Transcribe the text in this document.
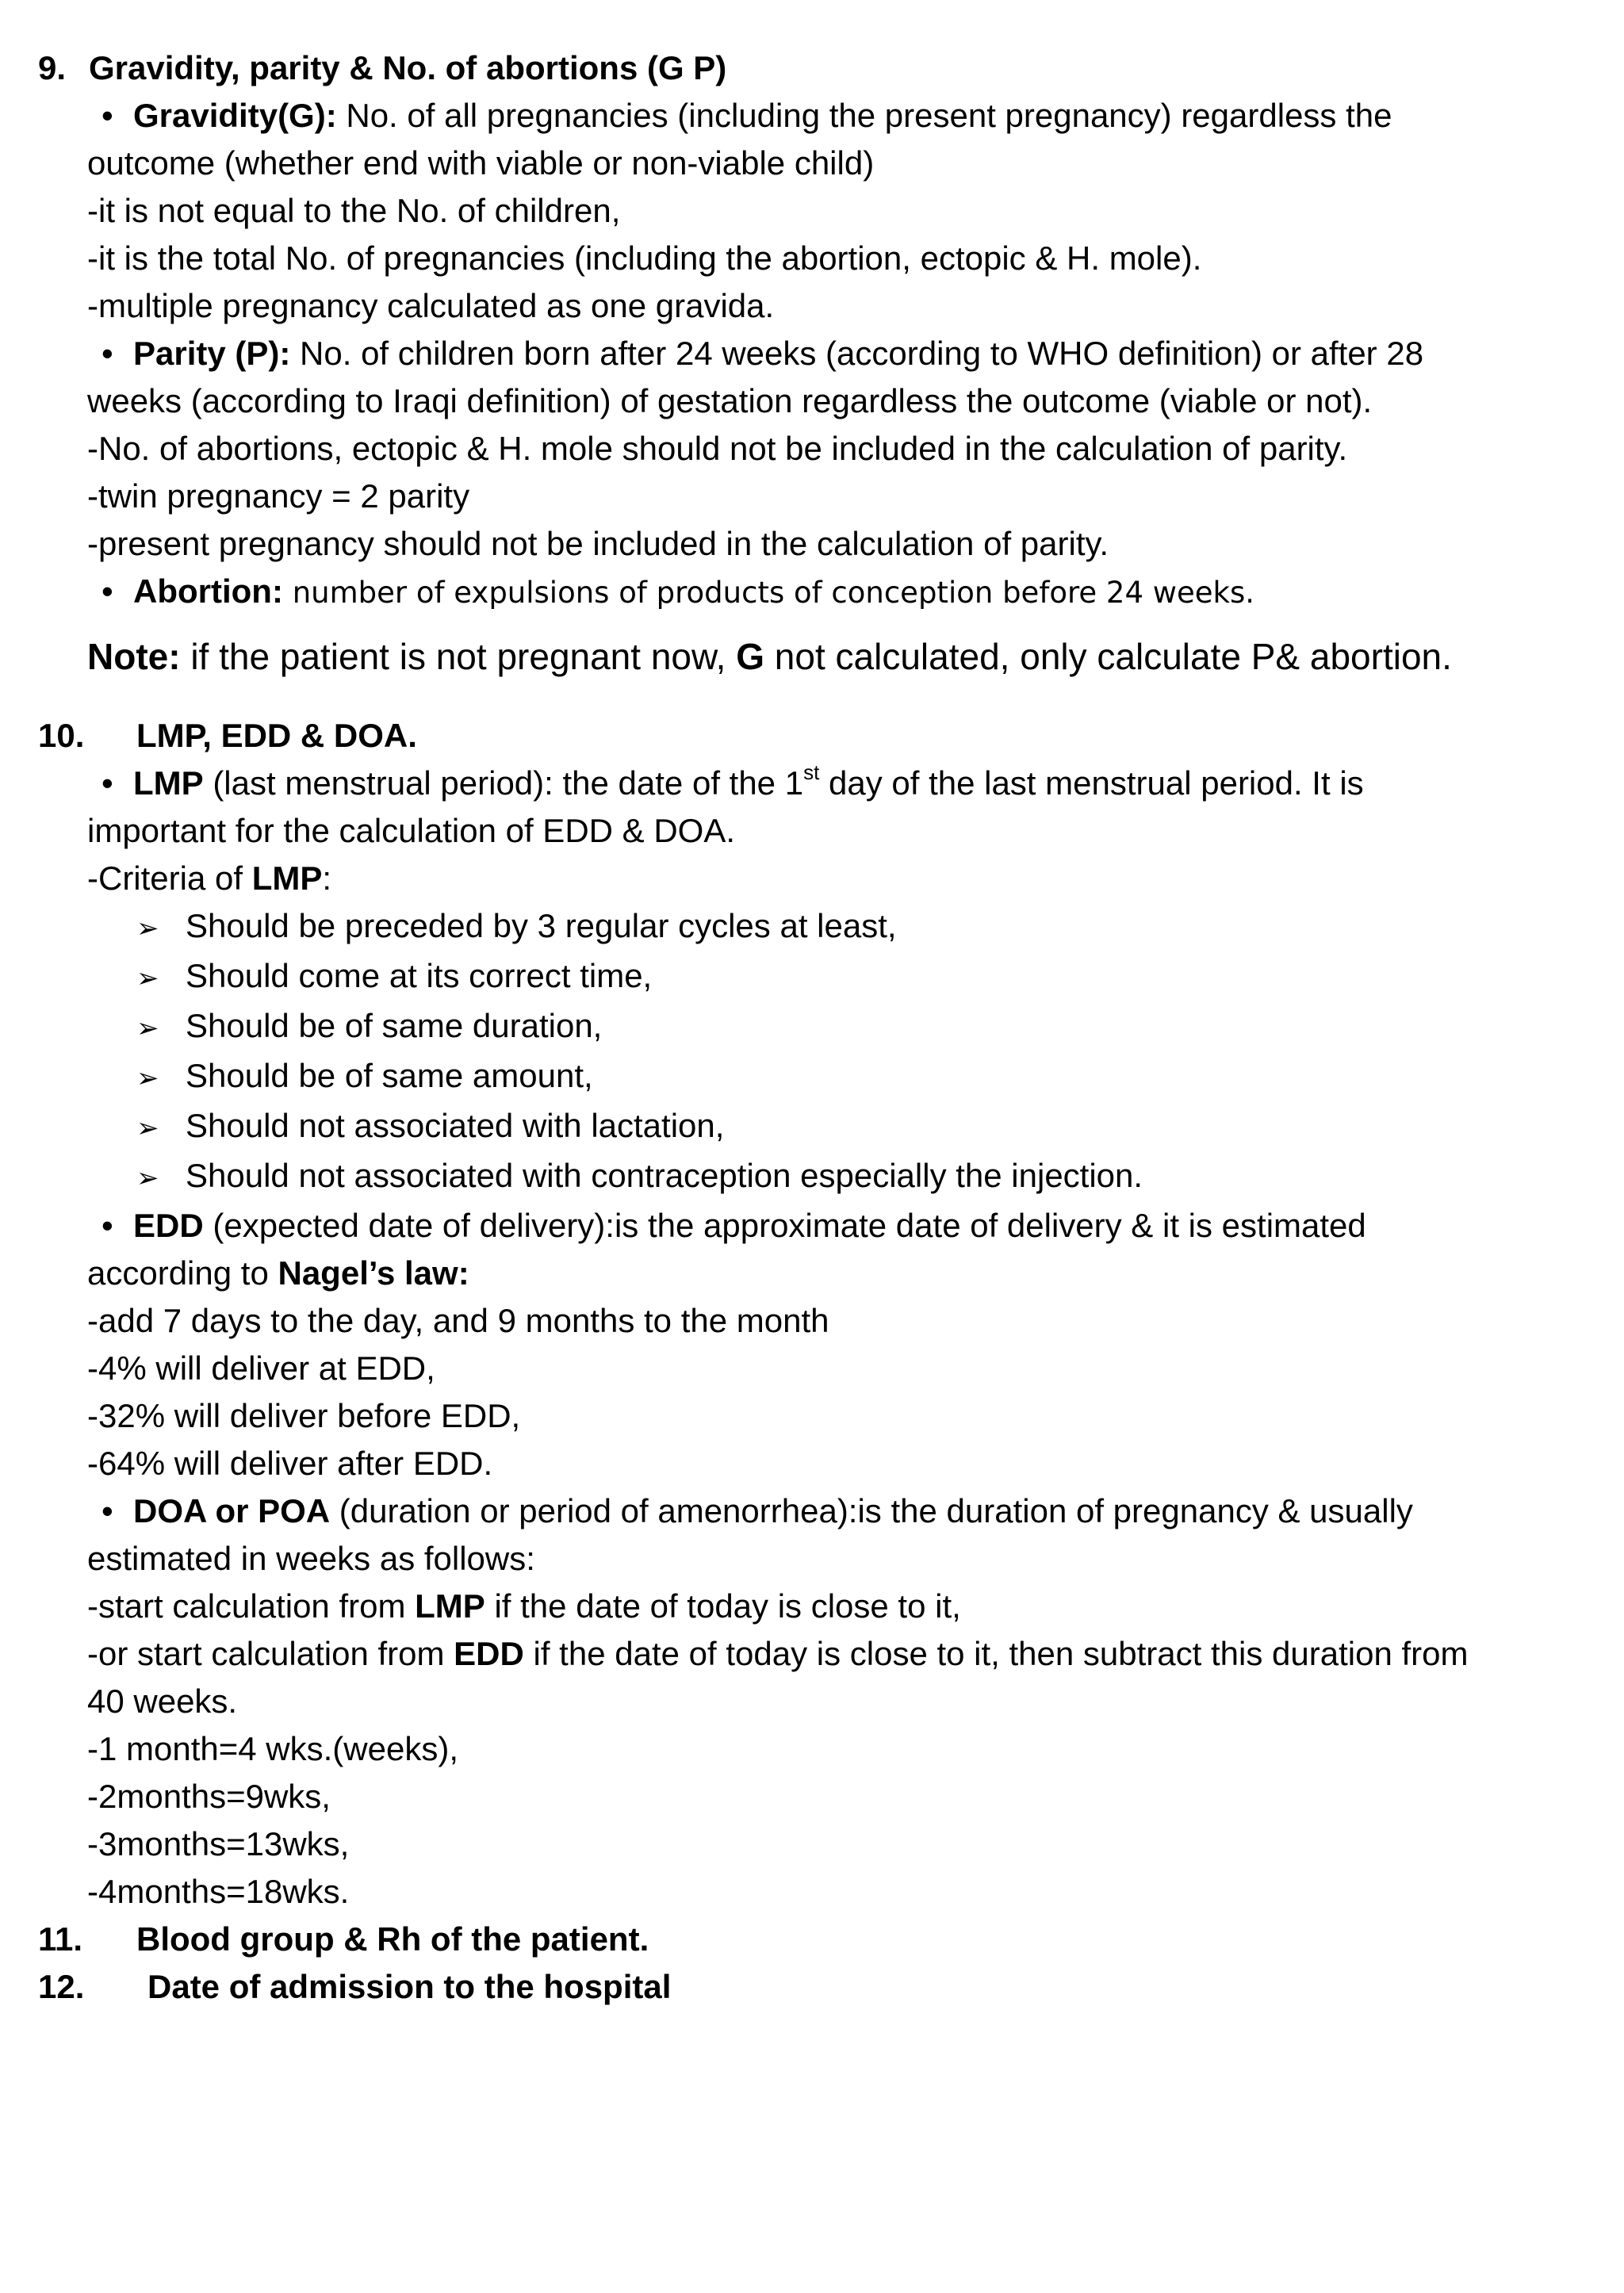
9. Gravidity, parity & No. of abortions (G P)
• Gravidity(G): No. of all pregnancies (including the present pregnancy) regardless the
outcome (whether end with viable or non-viable child)
-it is not equal to the No. of children,
-it is the total No. of pregnancies (including the abortion, ectopic & H. mole).
-multiple pregnancy calculated as one gravida.
• Parity (P): No. of children born after 24 weeks (according to WHO definition) or after 28
weeks (according to Iraqi definition) of gestation regardless the outcome (viable or not).
-No. of abortions, ectopic & H. mole should not be included in the calculation of parity.
-twin pregnancy = 2 parity
-present pregnancy should not be included in the calculation of parity.
• Abortion: number of expulsions of products of conception before 24 weeks.
Note: if the patient is not pregnant now, G not calculated, only calculate P& abortion.
10. LMP, EDD & DOA.
• LMP (last menstrual period): the date of the 1st day of the last menstrual period. It is
important for the calculation of EDD & DOA.
-Criteria of LMP:
➢ Should be preceded by 3 regular cycles at least,
➢ Should come at its correct time,
➢ Should be of same duration,
➢ Should be of same amount,
➢ Should not associated with lactation,
➢ Should not associated with contraception especially the injection.
• EDD (expected date of delivery):is the approximate date of delivery & it is estimated
according to Nagel’s law:
-add 7 days to the day, and 9 months to the month
-4% will deliver at EDD,
-32% will deliver before EDD,
-64% will deliver after EDD.
• DOA or POA (duration or period of amenorrhea):is the duration of pregnancy & usually
estimated in weeks as follows:
-start calculation from LMP if the date of today is close to it,
-or start calculation from EDD if the date of today is close to it, then subtract this duration from
40 weeks.
-1 month=4 wks.(weeks),
-2months=9wks,
-3months=13wks,
-4months=18wks.
11. Blood group & Rh of the patient.
12. Date of admission to the hospital
